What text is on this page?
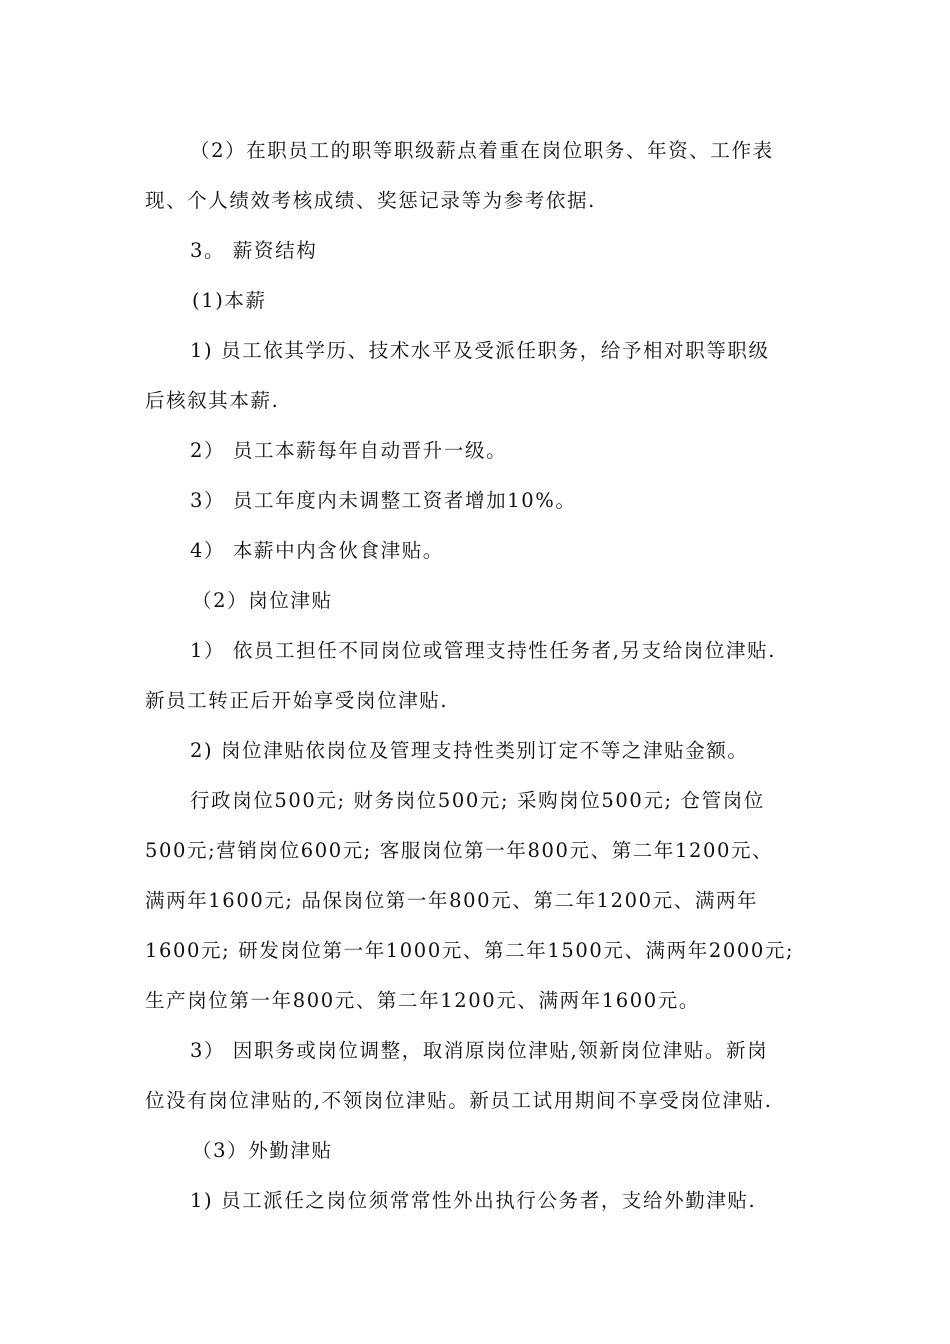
（2）在职员工的职等职级薪点着重在岗位职务、年资、工作表
现、个人绩效考核成绩、奖惩记录等为参考依据.
3。 薪资结构
(1)本薪
1) 员工依其学历、技术水平及受派任职务，给予相对职等职级
后核叙其本薪.
2） 员工本薪每年自动晋升一级。
3） 员工年度内未调整工资者增加10%。
4） 本薪中内含伙食津贴。
（2）岗位津贴
1） 依员工担任不同岗位或管理支持性任务者,另支给岗位津贴.
新员工转正后开始享受岗位津贴.
2) 岗位津贴依岗位及管理支持性类别订定不等之津贴金额。
行政岗位500元; 财务岗位500元; 采购岗位500元; 仓管岗位
500元;营销岗位600元; 客服岗位第一年800元、第二年1200元、
满两年1600元; 品保岗位第一年800元、第二年1200元、满两年
1600元; 研发岗位第一年1000元、第二年1500元、满两年2000元;
生产岗位第一年800元、第二年1200元、满两年1600元。
3） 因职务或岗位调整，取消原岗位津贴,领新岗位津贴。新岗
位没有岗位津贴的,不领岗位津贴。新员工试用期间不享受岗位津贴.
（3）外勤津贴
1) 员工派任之岗位须常常性外出执行公务者，支给外勤津贴.
